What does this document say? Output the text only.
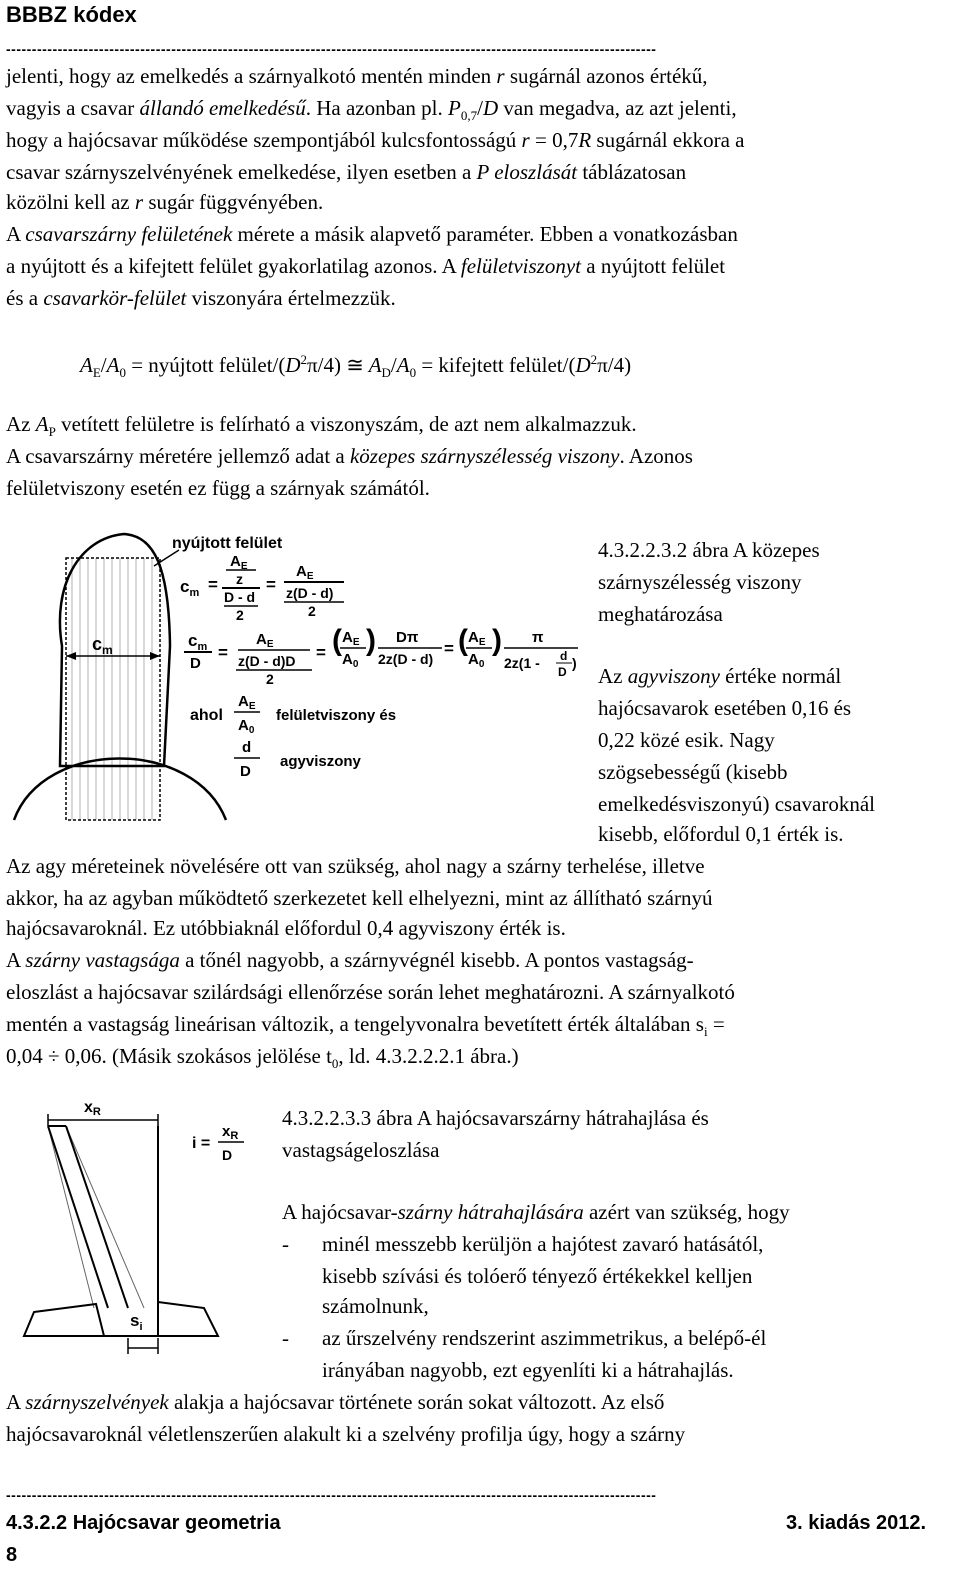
BBBZ kódex
------------------------------------------------------------------------------------------------------------------------------
jelenti, hogy az emelkedés a szárnyalkotó mentén minden r sugárnál azonos értékű,
vagyis a csavar állandó emelkedésű. Ha azonban pl. $P_{0,7}/D$ van megadva, az azt jelenti,
hogy a hajócsavar működése szempontjából kulcsfontosságú r = 0,7R sugárnál ekkora a
csavar szárnyszelvényének emelkedése, ilyen esetben a P eloszlását táblázatosan
közölni kell az r sugár függvényében.
A csavarszárny felületének mérete a másik alapvető paraméter. Ebben a vonatkozásban
a nyújtott és a kifejtett felület gyakorlatilag azonos. A felületviszonyt a nyújtott felület
és a csavarkör-felület viszonyára értelmezzük.
$A_E/A_0$ = nyújtott felület/$(D^2\pi/4)$ ≅ $A_D/A_0$ = kifejtett felület/$(D^2\pi/4)$
Az $A_P$ vetített felületre is felírható a viszonyszám, de azt nem alkalmazzuk.
A csavarszárny méretére jellemző adat a közepes szárnyszélesség viszony. Azonos
felületviszony esetén ez függ a szárnyak számától.
$c_m$
nyújtott felület
$c_m$ =
$A_E$
z
D - d
2
=
$A_E$
z(D - d)
2
$c_m$
D
=
$A_E$
z(D - d)D
2
= ( $A_E$
$A_0$
) Dπ
2z(D - d)
= ( $A_E$
$A_0$
) π
2z(1 - d
D
)
ahol
$A_E$
$A_0$
felületviszony és
d
D
agyviszony
4.3.2.2.3.2 ábra A közepes
szárnyszélesség viszony
meghatározása
Az agyviszony értéke normál
hajócsavarok esetében 0,16 és
0,22 közé esik. Nagy
szögsebességű (kisebb
emelkedésviszonyú) csavaroknál
kisebb, előfordul 0,1 érték is.
Az agy méreteinek növelésére ott van szükség, ahol nagy a szárny terhelése, illetve
akkor, ha az agyban működtető szerkezetet kell elhelyezni, mint az állítható szárnyú
hajócsavaroknál. Ez utóbbiaknál előfordul 0,4 agyviszony érték is.
A szárny vastagsága a tőnél nagyobb, a szárnyvégnél kisebb. A pontos vastagság-
eloszlást a hajócsavar szilárdsági ellenőrzése során lehet meghatározni. A szárnyalkotó
mentén a vastagság lineárisan változik, a tengelyvonalra bevetített érték általában $s_i$ =
0,04 ÷ 0,06. (Másik szokásos jelölése $t_0$, ld. 4.3.2.2.2.1 ábra.)
xR
i =
$x_R$
D
$s_i$
4.3.2.2.3.3 ábra A hajócsavarszárny hátrahajlása és
vastagságeloszlása
A hajócsavar-szárny hátrahajlására azért van szükség, hogy
- minél messzebb kerüljön a hajótest zavaró hatásától,
kisebb szívási és tolóerő tényező értékekkel kelljen
számolnunk,
- az űrszelvény rendszerint aszimmetrikus, a belépő-él
irányában nagyobb, ezt egyenlíti ki a hátrahajlás.
A szárnyszelvények alakja a hajócsavar története során sokat változott. Az első
hajócsavaroknál véletlenszerűen alakult ki a szelvény profilja úgy, hogy a szárny
------------------------------------------------------------------------------------------------------------------------------
4.3.2.2 Hajócsavar geometria	3. kiadás 2012.
8
